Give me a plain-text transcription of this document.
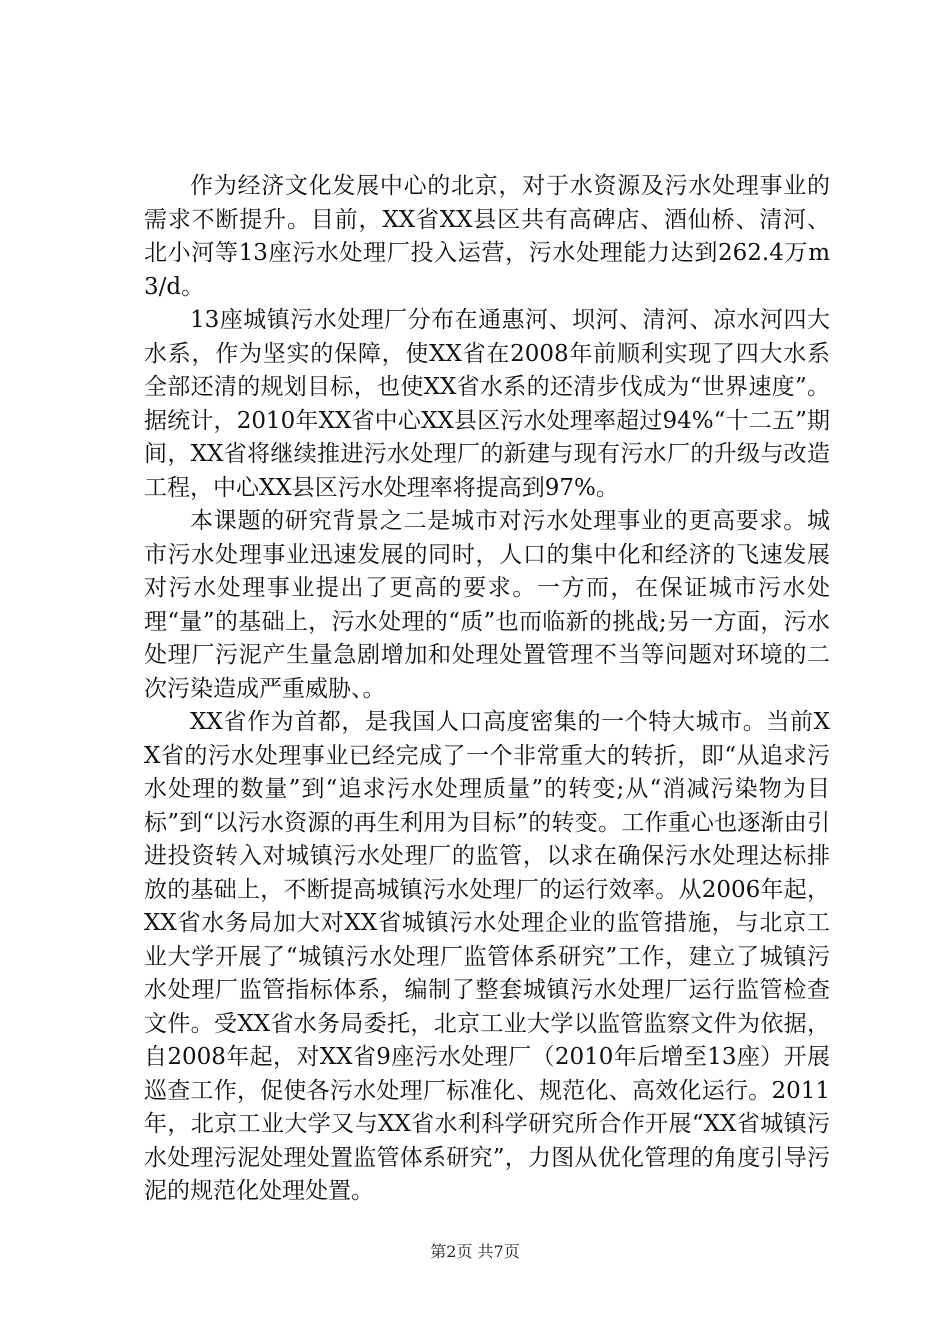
作为经济文化发展中心的北京，对于水资源及污水处理事业的需求不断提升。目前，XX省XX县区共有高碑店、酒仙桥、清河、北小河等13座污水处理厂投入运营，污水处理能力达到262.4万m3/d。

13座城镇污水处理厂分布在通惠河、坝河、清河、凉水河四大水系，作为坚实的保障，使XX省在2008年前顺利实现了四大水系全部还清的规划目标，也使XX省水系的还清步伐成为“世界速度”。据统计，2010年XX省中心XX县区污水处理率超过94%“十二五”期间，XX省将继续推进污水处理厂的新建与现有污水厂的升级与改造工程，中心XX县区污水处理率将提高到97%。

本课题的研究背景之二是城市对污水处理事业的更高要求。城市污水处理事业迅速发展的同时，人口的集中化和经济的飞速发展对污水处理事业提出了更高的要求。一方而，在保证城市污水处理“量”的基础上，污水处理的“质”也而临新的挑战;另一方面，污水处理厂污泥产生量急剧增加和处理处置管理不当等问题对环境的二次污染造成严重威胁、。

XX省作为首都，是我国人口高度密集的一个特大城市。当前XX省的污水处理事业已经完成了一个非常重大的转折，即“从追求污水处理的数量”到“追求污水处理质量”的转变;从“消减污染物为目标”到“以污水资源的再生利用为目标”的转变。工作重心也逐渐由引进投资转入对城镇污水处理厂的监管，以求在确保污水处理达标排放的基础上，不断提高城镇污水处理厂的运行效率。从2006年起，XX省水务局加大对XX省城镇污水处理企业的监管措施，与北京工业大学开展了“城镇污水处理厂监管体系研究”工作，建立了城镇污水处理厂监管指标体系，编制了整套城镇污水处理厂运行监管检查文件。受XX省水务局委托，北京工业大学以监管监察文件为依据，自2008年起，对XX省9座污水处理厂（2010年后增至13座）开展巡查工作，促使各污水处理厂标准化、规范化、高效化运行。2011年，北京工业大学又与XX省水利科学研究所合作开展“XX省城镇污水处理污泥处理处置监管体系研究”，力图从优化管理的角度引导污泥的规范化处理处置。

第2页 共7页
